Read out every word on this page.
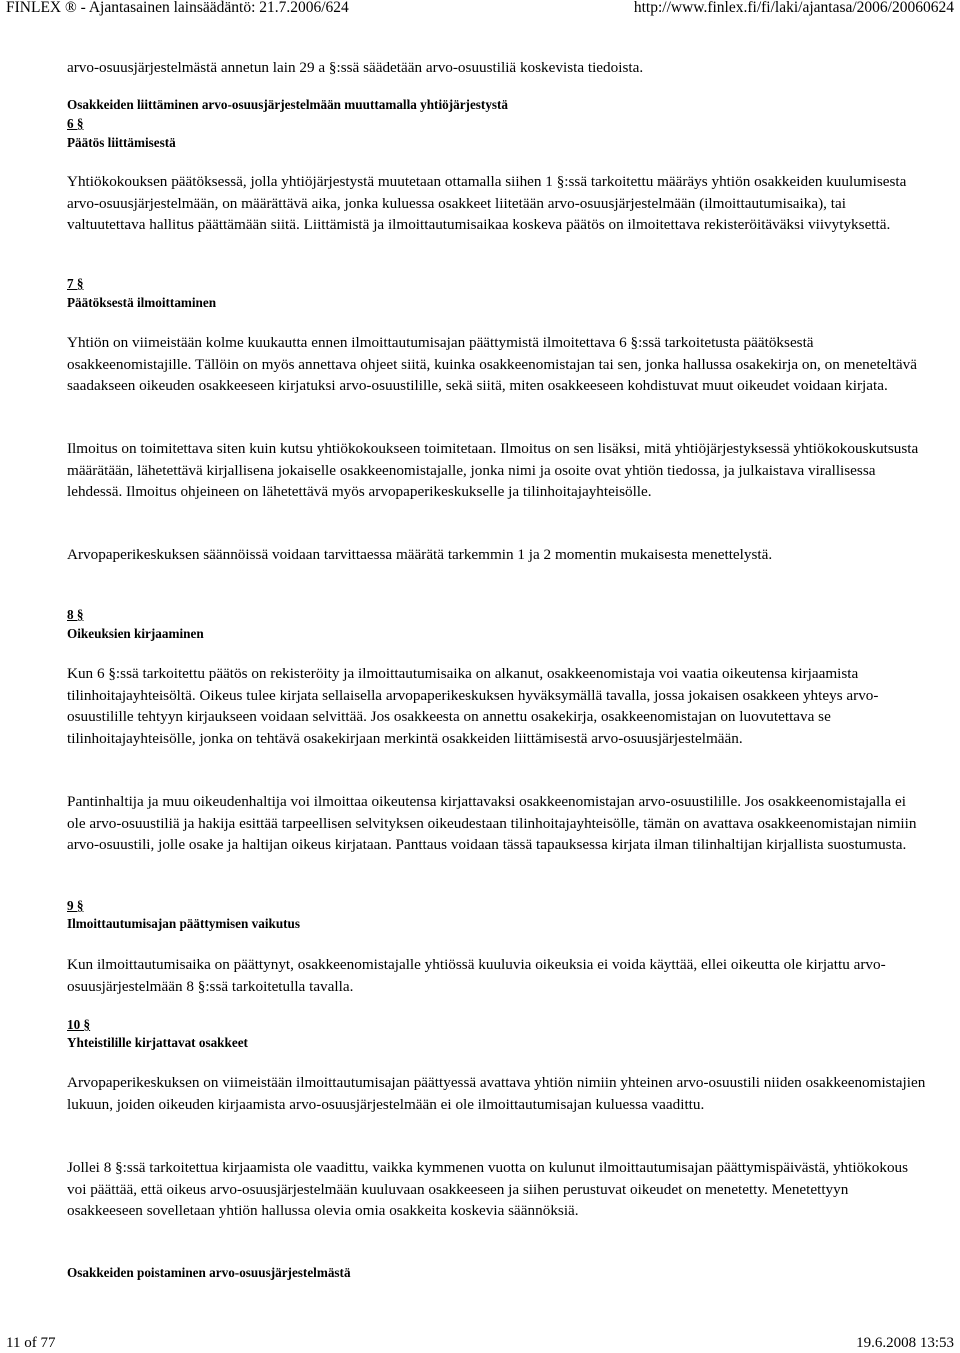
FINLEX ® - Ajantasainen lainsäädäntö: 21.7.2006/624	http://www.finlex.fi/fi/laki/ajantasa/2006/20060624

arvo-osuusjärjestelmästä annetun lain 29 a §:ssä säädetään arvo-osuustiliä koskevista tiedoista.

Osakkeiden liittäminen arvo-osuusjärjestelmään muuttamalla yhtiöjärjestystä
6 §
Päätös liittämisestä

Yhtiökokouksen päätöksessä, jolla yhtiöjärjestystä muutetaan ottamalla siihen 1 §:ssä tarkoitettu määräys yhtiön osakkeiden kuulumisesta arvo-osuusjärjestelmään, on määrättävä aika, jonka kuluessa osakkeet liitetään arvo-osuusjärjestelmään (ilmoittautumisaika), tai valtuutettava hallitus päättämään siitä. Liittämistä ja ilmoittautumisaikaa koskeva päätös on ilmoitettava rekisteröitäväksi viivytyksettä.

7 §
Päätöksestä ilmoittaminen

Yhtiön on viimeistään kolme kuukautta ennen ilmoittautumisajan päättymistä ilmoitettava 6 §:ssä tarkoitetusta päätöksestä osakkeenomistajille. Tällöin on myös annettava ohjeet siitä, kuinka osakkeenomistajan tai sen, jonka hallussa osakekirja on, on meneteltävä saadakseen oikeuden osakkeeseen kirjatuksi arvo-osuustilille, sekä siitä, miten osakkeeseen kohdistuvat muut oikeudet voidaan kirjata.

Ilmoitus on toimitettava siten kuin kutsu yhtiökokoukseen toimitetaan. Ilmoitus on sen lisäksi, mitä yhtiöjärjestyksessä yhtiökokouskutsusta määrätään, lähetettävä kirjallisena jokaiselle osakkeenomistajalle, jonka nimi ja osoite ovat yhtiön tiedossa, ja julkaistava virallisessa lehdessä. Ilmoitus ohjeineen on lähetettävä myös arvopaperikeskukselle ja tilinhoitajayhteisölle.

Arvopaperikeskuksen säännöissä voidaan tarvittaessa määrätä tarkemmin 1 ja 2 momentin mukaisesta menettelystä.

8 §
Oikeuksien kirjaaminen

Kun 6 §:ssä tarkoitettu päätös on rekisteröity ja ilmoittautumisaika on alkanut, osakkeenomistaja voi vaatia oikeutensa kirjaamista tilinhoitajayhteisöltä. Oikeus tulee kirjata sellaisella arvopaperikeskuksen hyväksymällä tavalla, jossa jokaisen osakkeen yhteys arvo-osuustilille tehtyyn kirjaukseen voidaan selvittää. Jos osakkeesta on annettu osakekirja, osakkeenomistajan on luovutettava se tilinhoitajayhteisölle, jonka on tehtävä osakekirjaan merkintä osakkeiden liittämisestä arvo-osuusjärjestelmään.

Pantinhaltija ja muu oikeudenhaltija voi ilmoittaa oikeutensa kirjattavaksi osakkeenomistajan arvo-osuustilille. Jos osakkeenomistajalla ei ole arvo-osuustiliä ja hakija esittää tarpeellisen selvityksen oikeudestaan tilinhoitajayhteisölle, tämän on avattava osakkeenomistajan nimiin arvo-osuustili, jolle osake ja haltijan oikeus kirjataan. Panttaus voidaan tässä tapauksessa kirjata ilman tilinhaltijan kirjallista suostumusta.

9 §
Ilmoittautumisajan päättymisen vaikutus

Kun ilmoittautumisaika on päättynyt, osakkeenomistajalle yhtiössä kuuluvia oikeuksia ei voida käyttää, ellei oikeutta ole kirjattu arvo-osuusjärjestelmään 8 §:ssä tarkoitetulla tavalla.

10 §
Yhteistilille kirjattavat osakkeet

Arvopaperikeskuksen on viimeistään ilmoittautumisajan päättyessä avattava yhtiön nimiin yhteinen arvo-osuustili niiden osakkeenomistajien lukuun, joiden oikeuden kirjaamista arvo-osuusjärjestelmään ei ole ilmoittautumisajan kuluessa vaadittu.

Jollei 8 §:ssä tarkoitettua kirjaamista ole vaadittu, vaikka kymmenen vuotta on kulunut ilmoittautumisajan päättymispäivästä, yhtiökokous voi päättää, että oikeus arvo-osuusjärjestelmään kuuluvaan osakkeeseen ja siihen perustuvat oikeudet on menetetty. Menetettyyn osakkeeseen sovelletaan yhtiön hallussa olevia omia osakkeita koskevia säännöksiä.

Osakkeiden poistaminen arvo-osuusjärjestelmästä
11 of 77	19.6.2008 13:53
